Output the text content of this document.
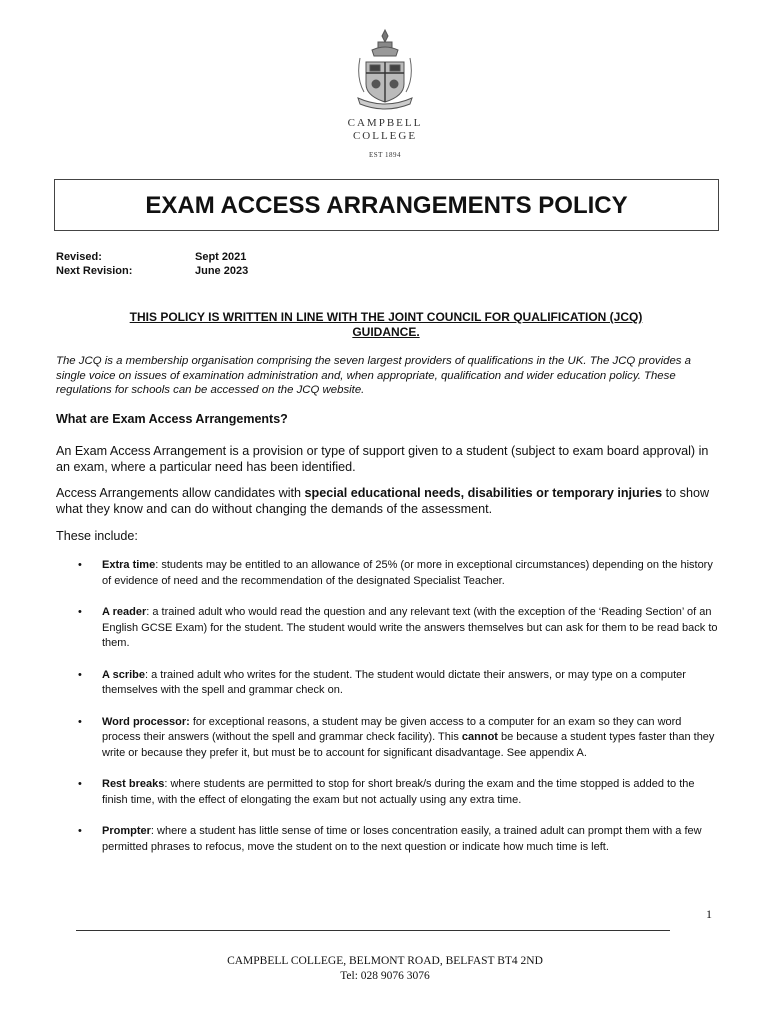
CAMPBELL
COLLEGE
EST 1894
EXAM ACCESS ARRANGEMENTS POLICY
Revised:	Sept 2021
Next Revision:	June 2023
THIS POLICY IS WRITTEN IN LINE WITH THE JOINT COUNCIL FOR QUALIFICATION (JCQ)
GUIDANCE.
The JCQ is a membership organisation comprising the seven largest providers of qualifications in the UK. The JCQ provides a single voice on issues of examination administration and, when appropriate, qualification and wider education policy. These regulations for schools can be accessed on the JCQ website.
What are Exam Access Arrangements?
An Exam Access Arrangement is a provision or type of support given to a student (subject to exam board approval) in an exam, where a particular need has been identified.
Access Arrangements allow candidates with special educational needs, disabilities or temporary injuries to show what they know and can do without changing the demands of the assessment.
These include:
• Extra time: students may be entitled to an allowance of 25% (or more in exceptional circumstances) depending on the history of evidence of need and the recommendation of the designated Specialist Teacher.
• A reader: a trained adult who would read the question and any relevant text (with the exception of the ‘Reading Section’ of an English GCSE Exam) for the student. The student would write the answers themselves but can ask for them to be read back to them.
• A scribe: a trained adult who writes for the student. The student would dictate their answers, or may type on a computer themselves with the spell and grammar check on.
• Word processor: for exceptional reasons, a student may be given access to a computer for an exam so they can word process their answers (without the spell and grammar check facility). This cannot be because a student types faster than they write or because they prefer it, but must be to account for significant disadvantage. See appendix A.
• Rest breaks: where students are permitted to stop for short break/s during the exam and the time stopped is added to the finish time, with the effect of elongating the exam but not actually using any extra time.
• Prompter: where a student has little sense of time or loses concentration easily, a trained adult can prompt them with a few permitted phrases to refocus, move the student on to the next question or indicate how much time is left.
1
CAMPBELL COLLEGE, BELMONT ROAD, BELFAST BT4 2ND
Tel: 028 9076 3076
